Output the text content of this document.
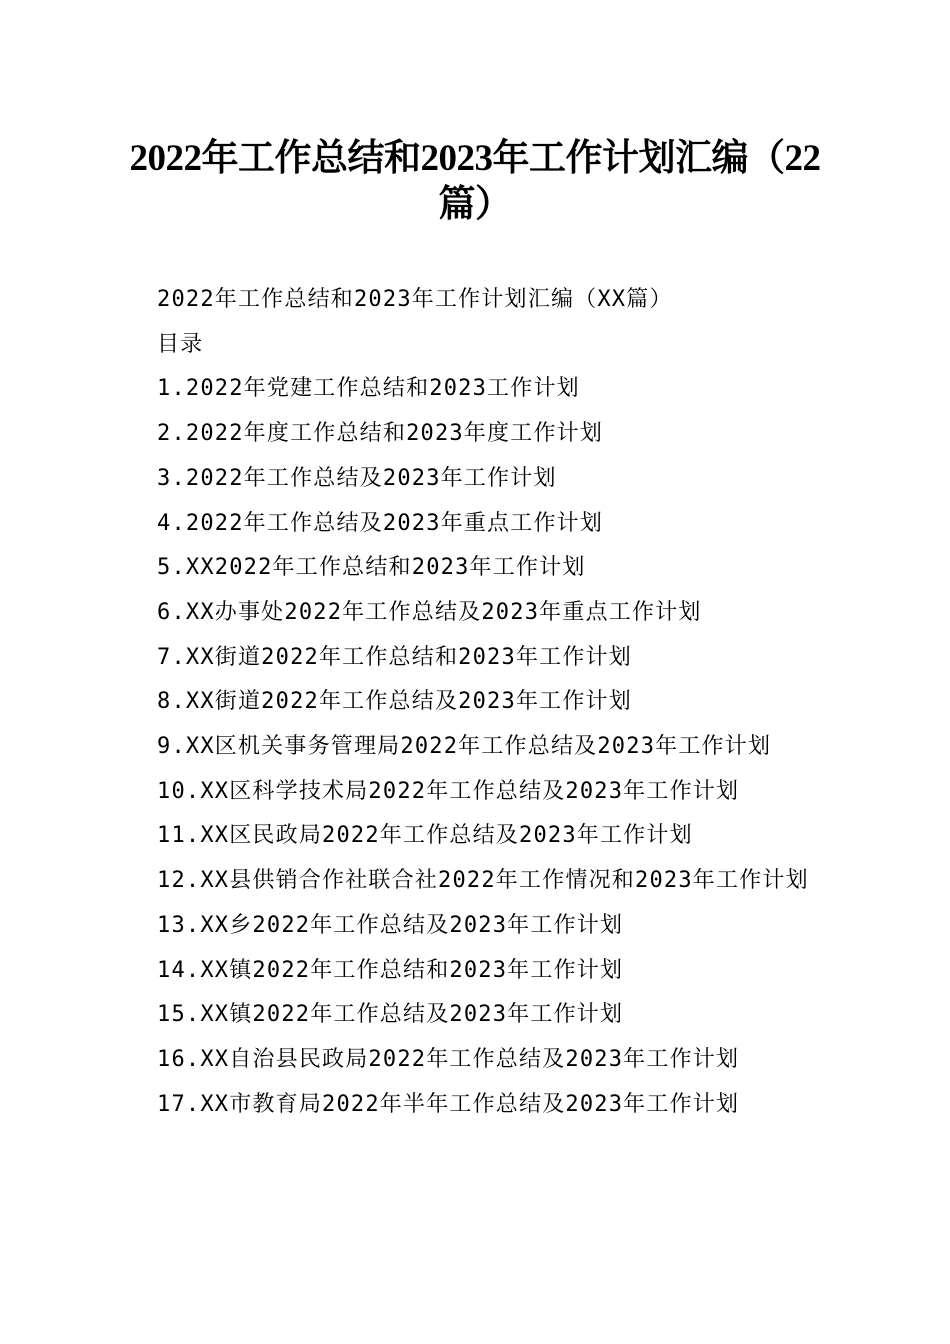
2022年工作总结和2023年工作计划汇编（22篇）

2022年工作总结和2023年工作计划汇编（XX篇）

目录

1.2022年党建工作总结和2023工作计划

2.2022年度工作总结和2023年度工作计划

3.2022年工作总结及2023年工作计划

4.2022年工作总结及2023年重点工作计划

5.XX2022年工作总结和2023年工作计划

6.XX办事处2022年工作总结及2023年重点工作计划

7.XX街道2022年工作总结和2023年工作计划

8.XX街道2022年工作总结及2023年工作计划

9.XX区机关事务管理局2022年工作总结及2023年工作计划

10.XX区科学技术局2022年工作总结及2023年工作计划

11.XX区民政局2022年工作总结及2023年工作计划

12.XX县供销合作社联合社2022年工作情况和2023年工作计划

13.XX乡2022年工作总结及2023年工作计划

14.XX镇2022年工作总结和2023年工作计划

15.XX镇2022年工作总结及2023年工作计划

16.XX自治县民政局2022年工作总结及2023年工作计划

17.XX市教育局2022年半年工作总结及2023年工作计划
